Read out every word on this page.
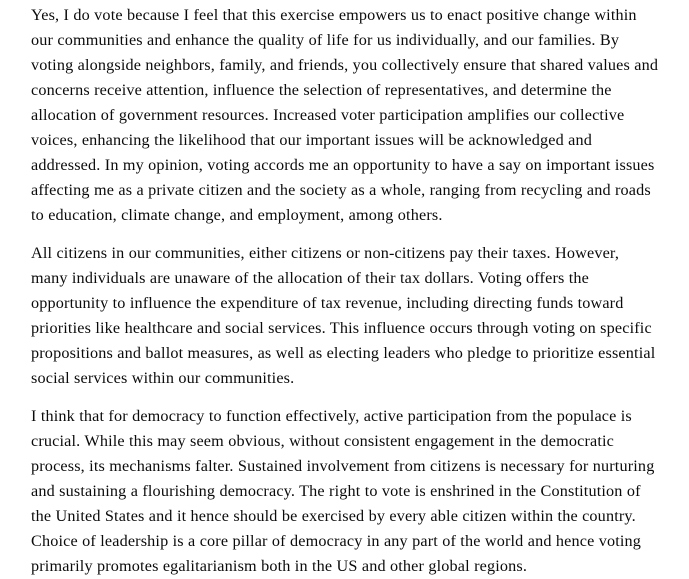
Yes, I do vote because I feel that this exercise empowers us to enact positive change within our communities and enhance the quality of life for us individually, and our families. By voting alongside neighbors, family, and friends, you collectively ensure that shared values and concerns receive attention, influence the selection of representatives, and determine the allocation of government resources. Increased voter participation amplifies our collective voices, enhancing the likelihood that our important issues will be acknowledged and addressed. In my opinion, voting accords me an opportunity to have a say on important issues affecting me as a private citizen and the society as a whole, ranging from recycling and roads to education, climate change, and employment, among others.

All citizens in our communities, either citizens or non-citizens pay their taxes. However, many individuals are unaware of the allocation of their tax dollars. Voting offers the opportunity to influence the expenditure of tax revenue, including directing funds toward priorities like healthcare and social services. This influence occurs through voting on specific propositions and ballot measures, as well as electing leaders who pledge to prioritize essential social services within our communities.

I think that for democracy to function effectively, active participation from the populace is crucial. While this may seem obvious, without consistent engagement in the democratic process, its mechanisms falter. Sustained involvement from citizens is necessary for nurturing and sustaining a flourishing democracy. The right to vote is enshrined in the Constitution of the United States and it hence should be exercised by every able citizen within the country. Choice of leadership is a core pillar of democracy in any part of the world and hence voting primarily promotes egalitarianism both in the US and other global regions.
